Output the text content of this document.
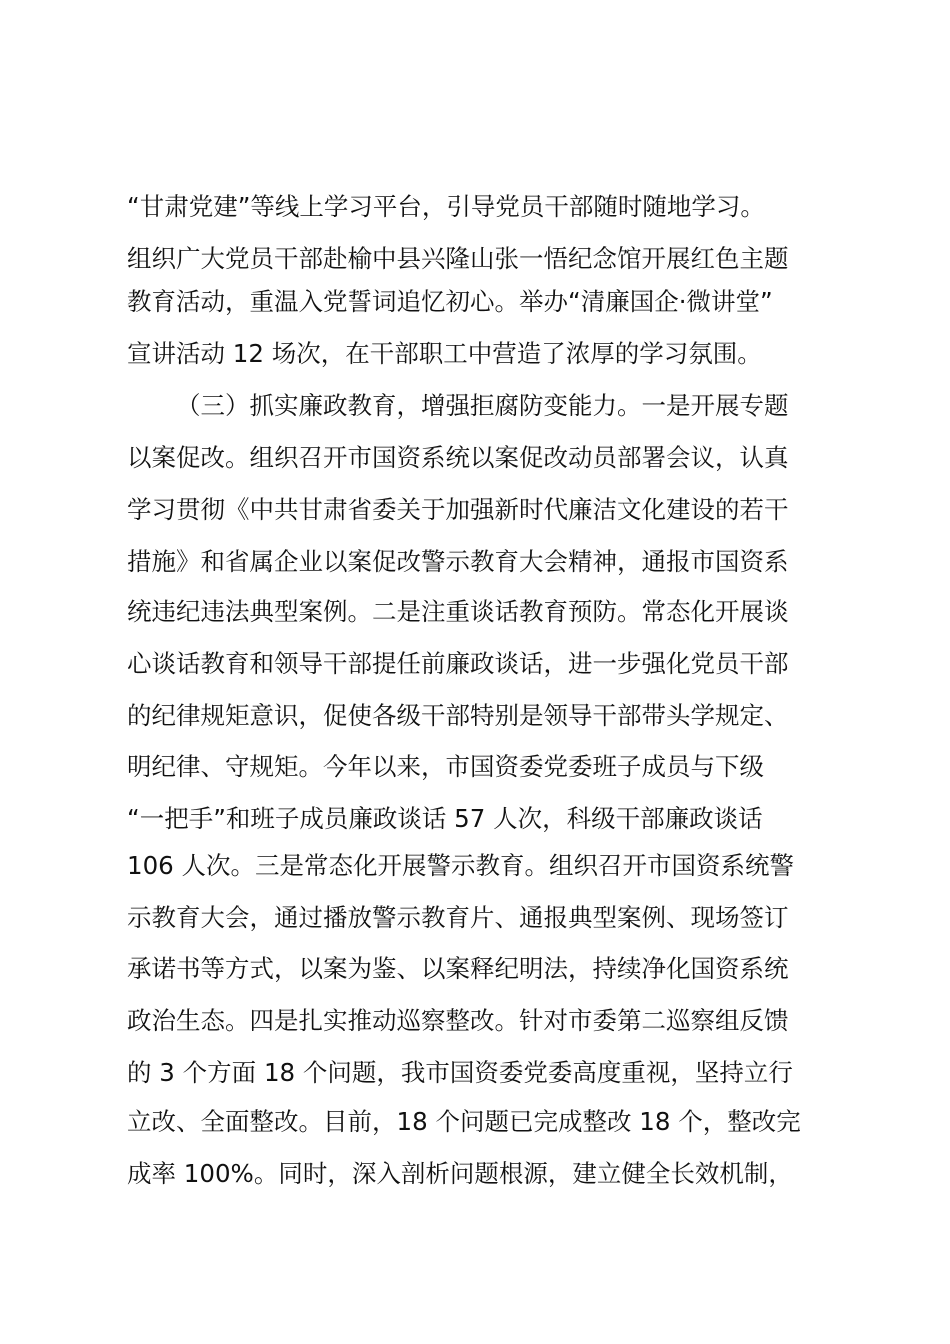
“甘肃党建”等线上学习平台，引导党员干部随时随地学习。
组织广大党员干部赴榆中县兴隆山张一悟纪念馆开展红色主题
教育活动，重温入党誓词追忆初心。举办“清廉国企·微讲堂”
宣讲活动 12 场次，在干部职工中营造了浓厚的学习氛围。
（三）抓实廉政教育，增强拒腐防变能力。一是开展专题
以案促改。组织召开市国资系统以案促改动员部署会议，认真
学习贯彻《中共甘肃省委关于加强新时代廉洁文化建设的若干
措施》和省属企业以案促改警示教育大会精神，通报市国资系
统违纪违法典型案例。二是注重谈话教育预防。常态化开展谈
心谈话教育和领导干部提任前廉政谈话，进一步强化党员干部
的纪律规矩意识，促使各级干部特别是领导干部带头学规定、
明纪律、守规矩。今年以来，市国资委党委班子成员与下级
“一把手”和班子成员廉政谈话 57 人次，科级干部廉政谈话
106 人次。三是常态化开展警示教育。组织召开市国资系统警
示教育大会，通过播放警示教育片、通报典型案例、现场签订
承诺书等方式，以案为鉴、以案释纪明法，持续净化国资系统
政治生态。四是扎实推动巡察整改。针对市委第二巡察组反馈
的 3 个方面 18 个问题，我市国资委党委高度重视，坚持立行
立改、全面整改。目前，18 个问题已完成整改 18 个，整改完
成率 100%。同时，深入剖析问题根源，建立健全长效机制，
